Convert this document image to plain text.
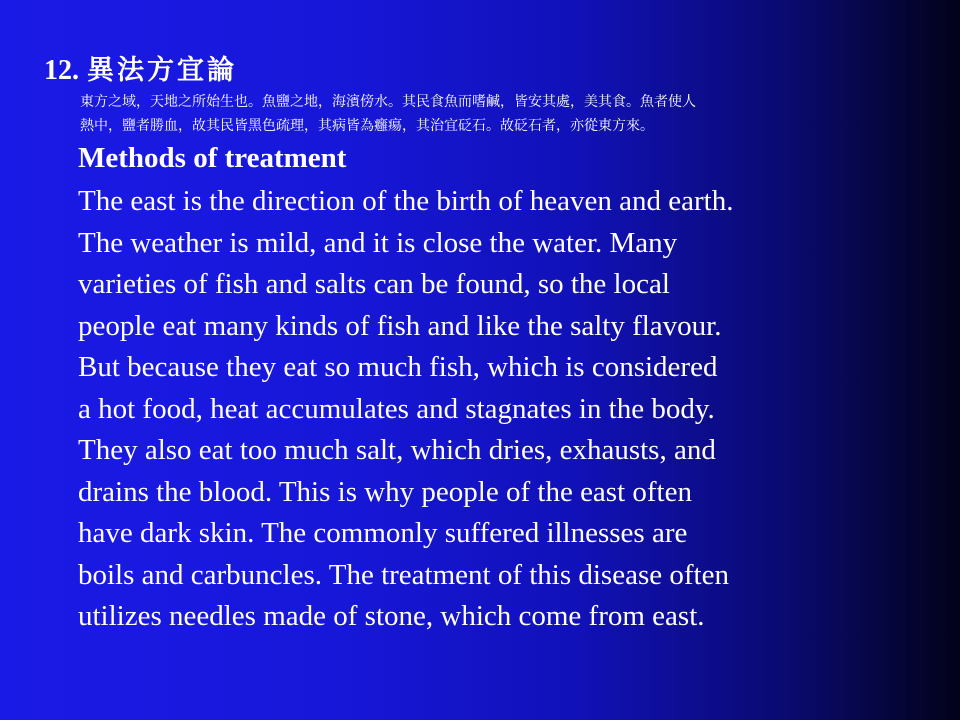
12. 異法方宜論

東方之域，天地之所始生也。魚鹽之地，海濱傍水。其民食魚而嗜鹹，皆安其處，美其食。魚者使人
熱中，鹽者勝血，故其民皆黑色疏理，其病皆為癰瘍，其治宜砭石。故砭石者，亦從東方來。

Methods of treatment

The east is the direction of the birth of heaven and earth.
The weather is mild, and it is close the water. Many
varieties of fish and salts can be found, so the local
people eat many kinds of fish and like the salty flavour.
But because they eat so much fish, which is considered
a hot food, heat accumulates and stagnates in the body.
They also eat too much salt, which dries, exhausts, and
drains the blood. This is why people of the east often
have dark skin. The commonly suffered illnesses are
boils and carbuncles. The treatment of this disease often
utilizes needles made of stone, which come from east.
